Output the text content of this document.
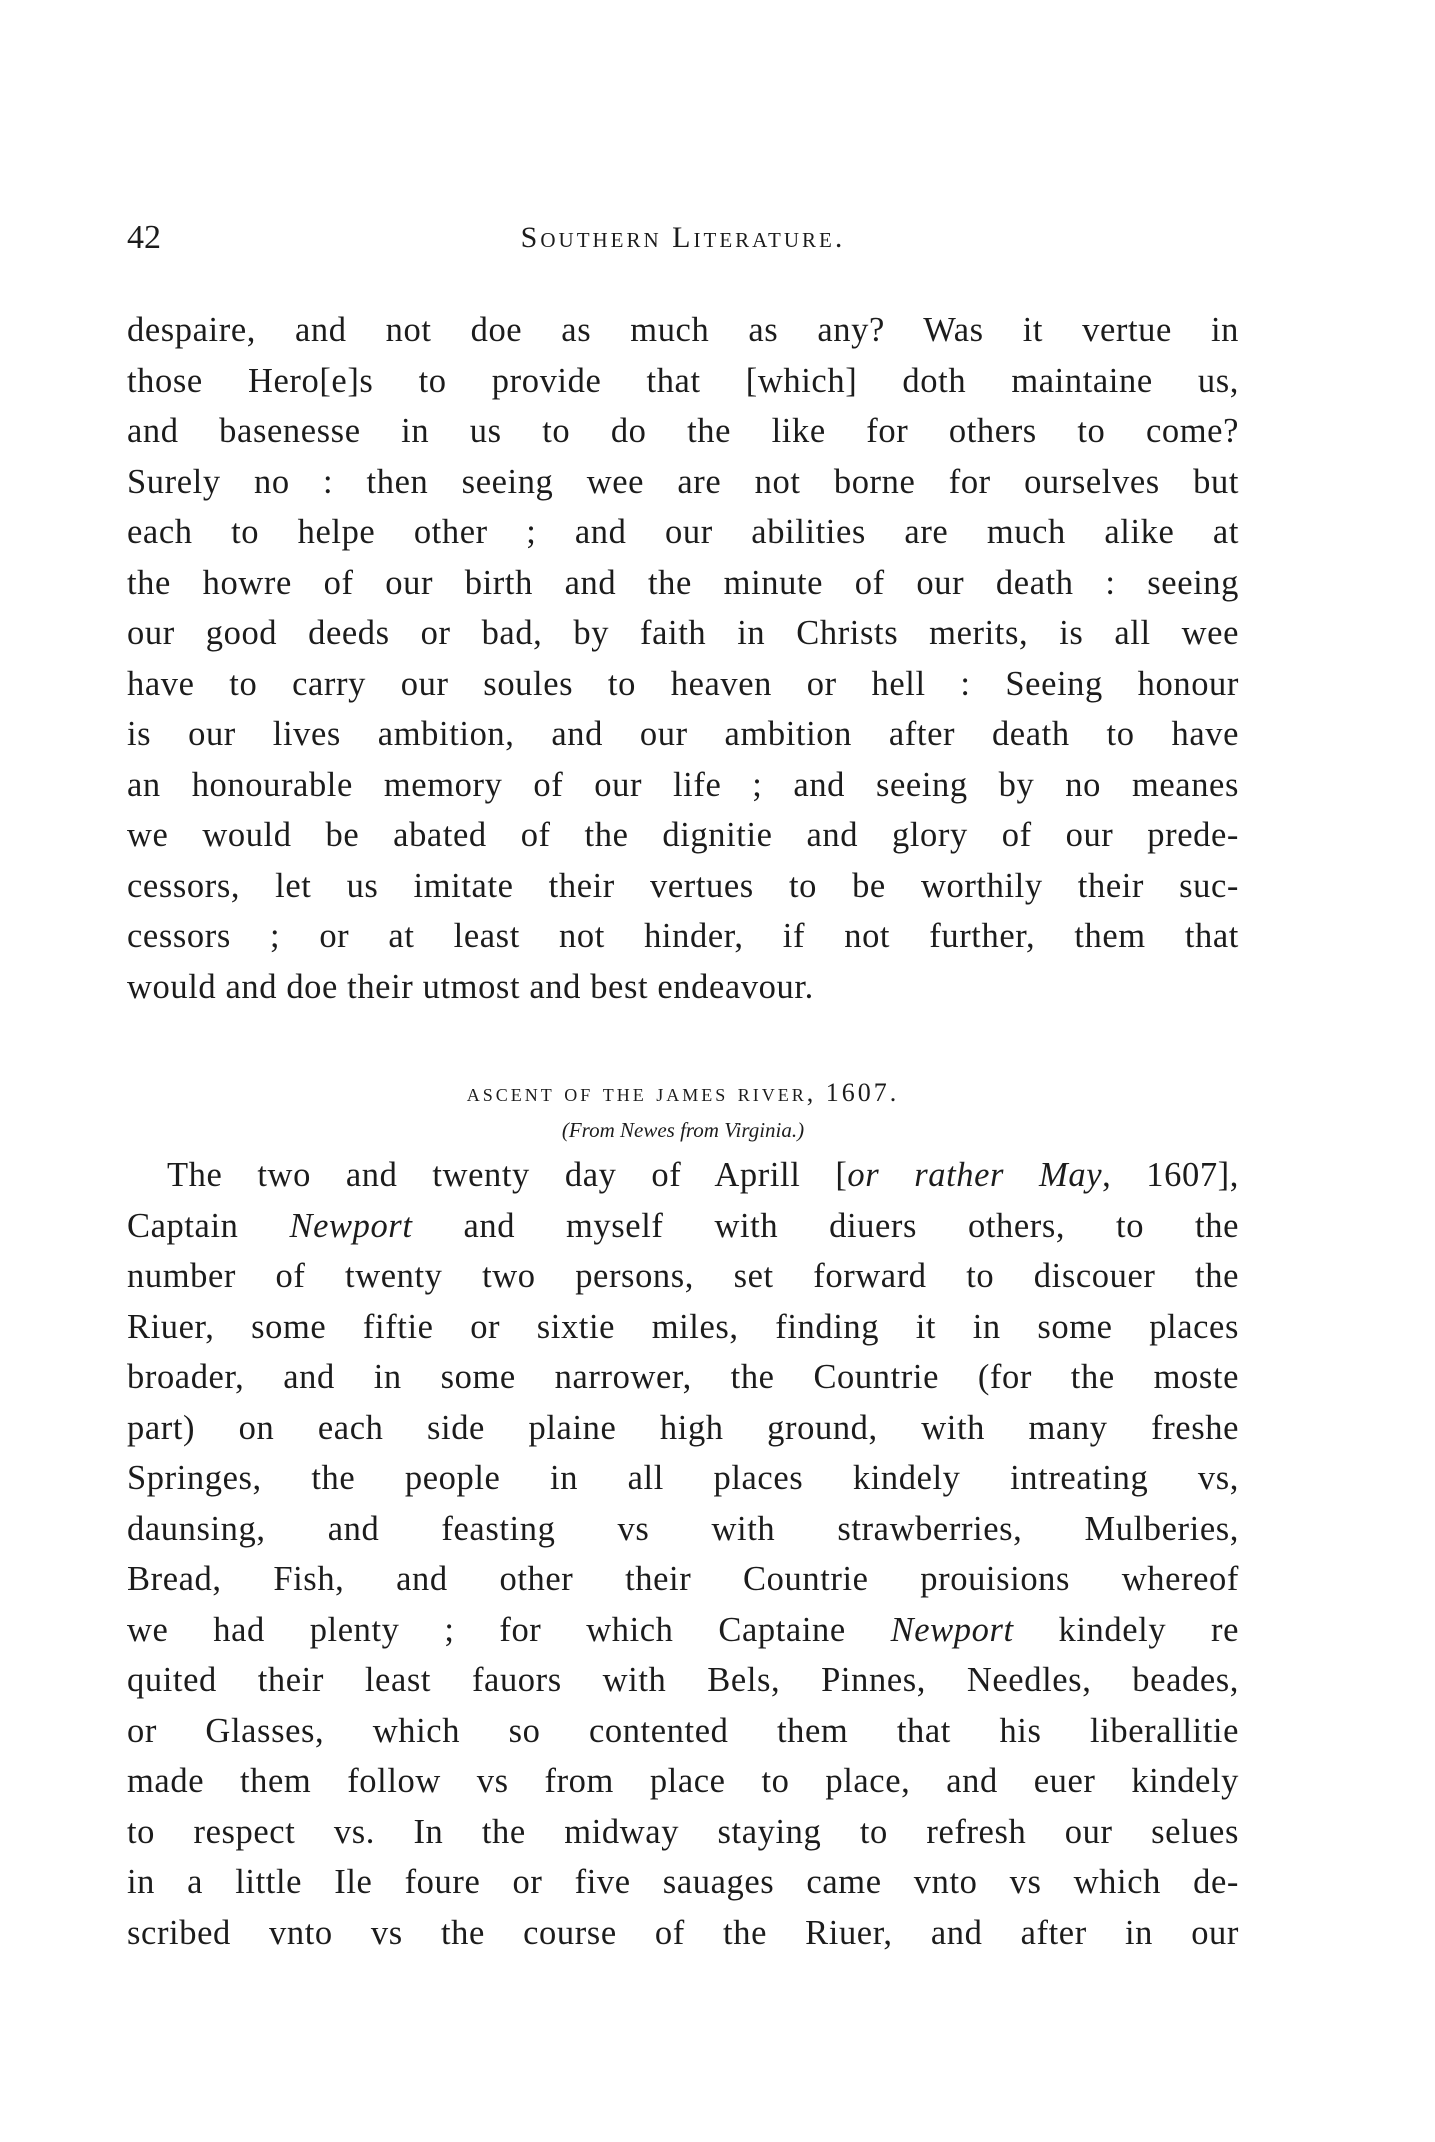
42	Southern Literature.
despaire, and not doe as much as any? Was it vertue in
those Hero[e]s to provide that [which] doth maintaine us,
and basenesse in us to do the like for others to come?
Surely no : then seeing wee are not borne for ourselves but
each to helpe other ; and our abilities are much alike at
the howre of our birth and the minute of our death : seeing
our good deeds or bad, by faith in Christs merits, is all wee
have to carry our soules to heaven or hell : Seeing honour
is our lives ambition, and our ambition after death to have
an honourable memory of our life ; and seeing by no meanes
we would be abated of the dignitie and glory of our prede-
cessors, let us imitate their vertues to be worthily their suc-
cessors ; or at least not hinder, if not further, them that
would and doe their utmost and best endeavour.
ascent of the james river, 1607.
(From Newes from Virginia.)
The two and twenty day of Aprill [or rather May, 1607],
Captain Newport and myself with diuers others, to the
number of twenty two persons, set forward to discouer the
Riuer, some fiftie or sixtie miles, finding it in some places
broader, and in some narrower, the Countrie (for the moste
part) on each side plaine high ground, with many freshe
Springes, the people in all places kindely intreating vs,
daunsing, and feasting vs with strawberries, Mulberies,
Bread, Fish, and other their Countrie prouisions whereof
we had plenty ; for which Captaine Newport kindely re
quited their least fauors with Bels, Pinnes, Needles, beades,
or Glasses, which so contented them that his liberallitie
made them follow vs from place to place, and euer kindely
to respect vs. In the midway staying to refresh our selues
in a little Ile foure or five sauages came vnto vs which de-
scribed vnto vs the course of the Riuer, and after in our
